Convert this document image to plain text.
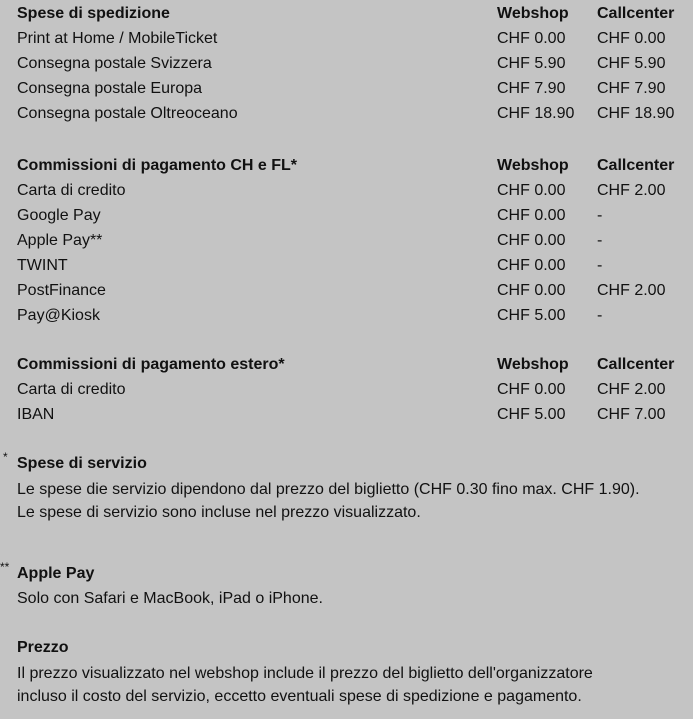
Spese di spedizione	Webshop Callcenter
Print at Home / MobileTicket	CHF 0.00 CHF 0.00
Consegna postale Svizzera	CHF 5.90 CHF 5.90
Consegna postale Europa	CHF 7.90 CHF 7.90
Consegna postale Oltreoceano	CHF 18.90 CHF 18.90
Commissioni di pagamento CH e FL*	Webshop Callcenter
Carta di credito	CHF 0.00 CHF 2.00
Google Pay	CHF 0.00 -
Apple Pay**	CHF 0.00 -
TWINT	CHF 0.00 -
PostFinance	CHF 0.00 CHF 2.00
Pay@Kiosk	CHF 5.00 -
Commissioni di pagamento estero*	Webshop Callcenter
Carta di credito	CHF 0.00 CHF 2.00
IBAN	CHF 5.00 CHF 7.00
* Spese di servizio
Le spese die servizio dipendono dal prezzo del biglietto (CHF 0.30 fino max. CHF 1.90).
Le spese di servizio sono incluse nel prezzo visualizzato.
** Apple Pay
Solo con Safari e MacBook, iPad o iPhone.
Prezzo
Il prezzo visualizzato nel webshop include il prezzo del biglietto dell'organizzatore
incluso il costo del servizio, eccetto eventuali spese di spedizione e pagamento.
